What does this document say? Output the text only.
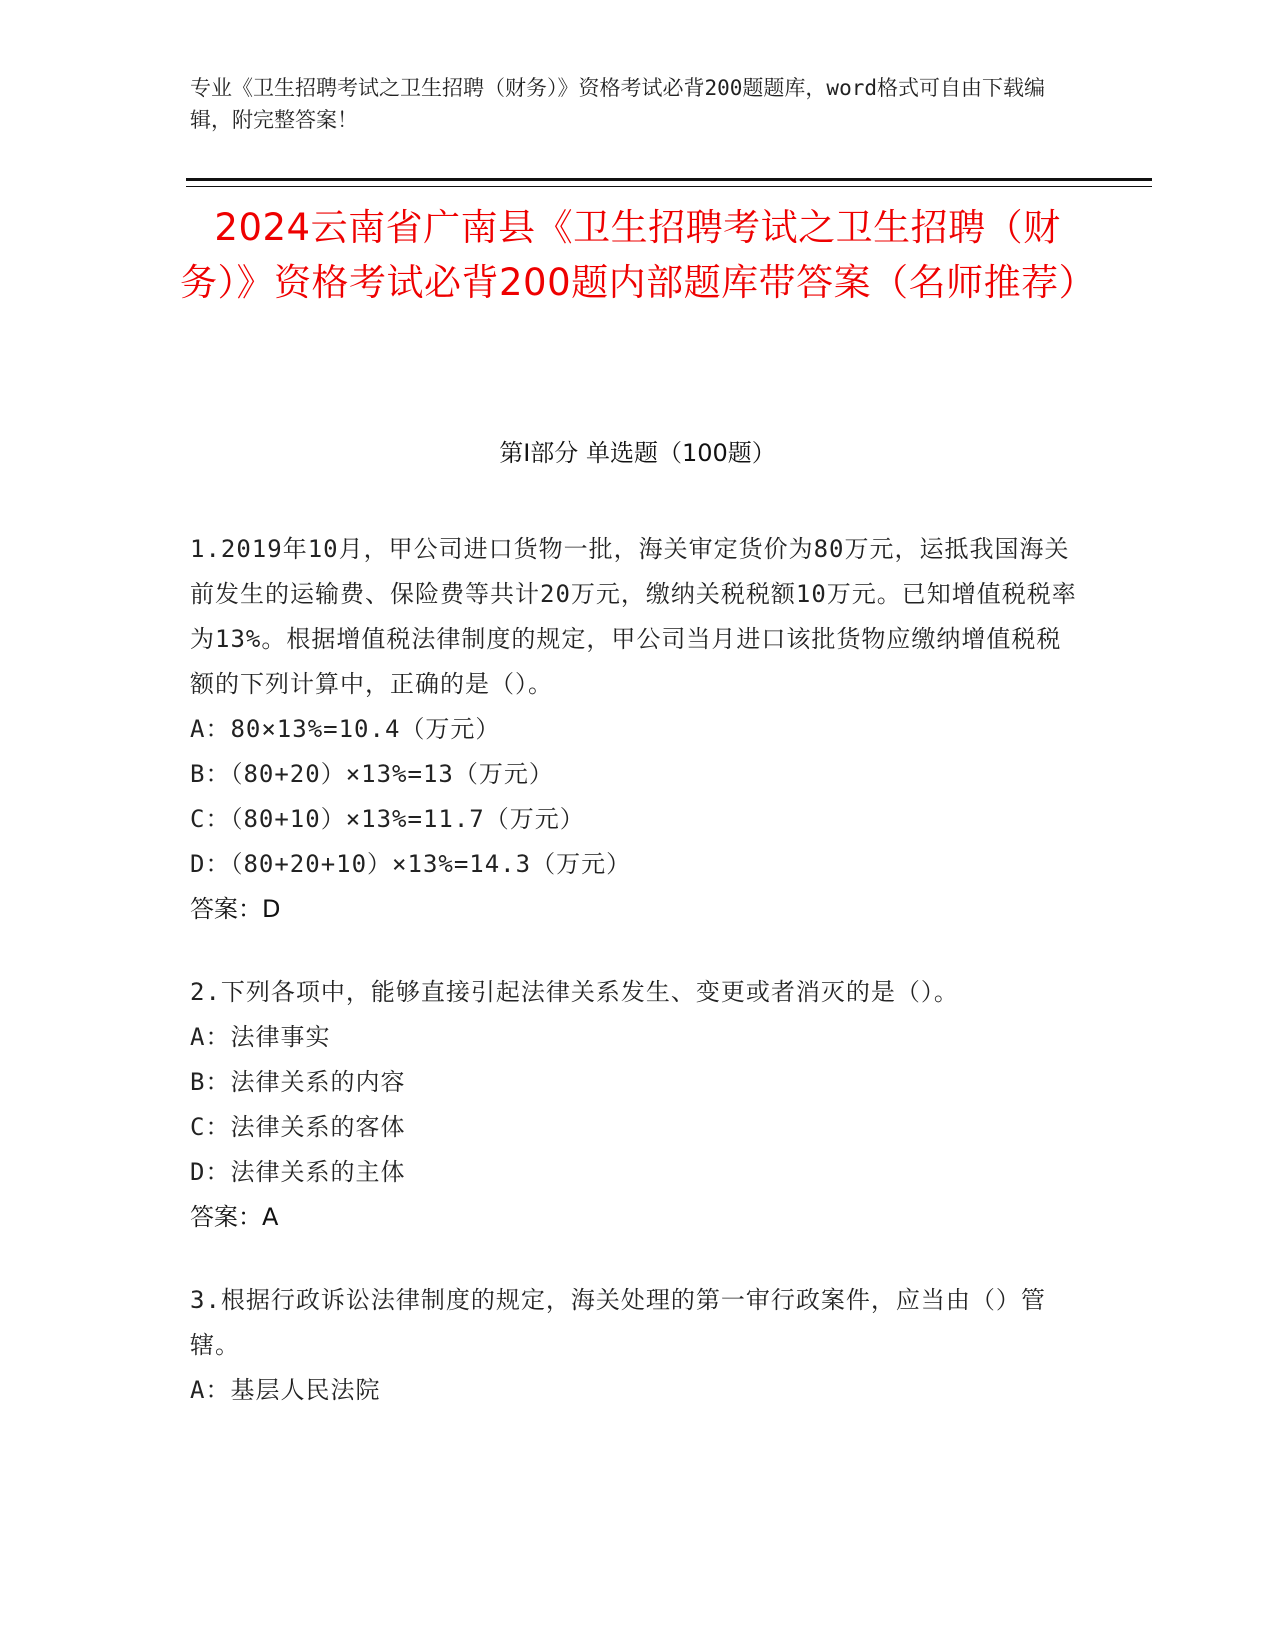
专业《卫生招聘考试之卫生招聘（财务）》资格考试必背200题题库，word格式可自由下载编辑，附完整答案！
2024云南省广南县《卫生招聘考试之卫生招聘（财务）》资格考试必背200题内部题库带答案（名师推荐）
第Ⅰ部分 单选题（100题）
1.2019年10月，甲公司进口货物一批，海关审定货价为80万元，运抵我国海关前发生的运输费、保险费等共计20万元，缴纳关税税额10万元。已知增值税税率为13%。根据增值税法律制度的规定，甲公司当月进口该批货物应缴纳增值税税额的下列计算中，正确的是（）。
A：80×13%=10.4（万元）
B：（80+20）×13%=13（万元）
C：（80+10）×13%=11.7（万元）
D：（80+20+10）×13%=14.3（万元）
答案：D
2.下列各项中，能够直接引起法律关系发生、变更或者消灭的是（）。
A：法律事实
B：法律关系的内容
C：法律关系的客体
D：法律关系的主体
答案：A
3.根据行政诉讼法律制度的规定，海关处理的第一审行政案件，应当由（）管辖。
A：基层人民法院
